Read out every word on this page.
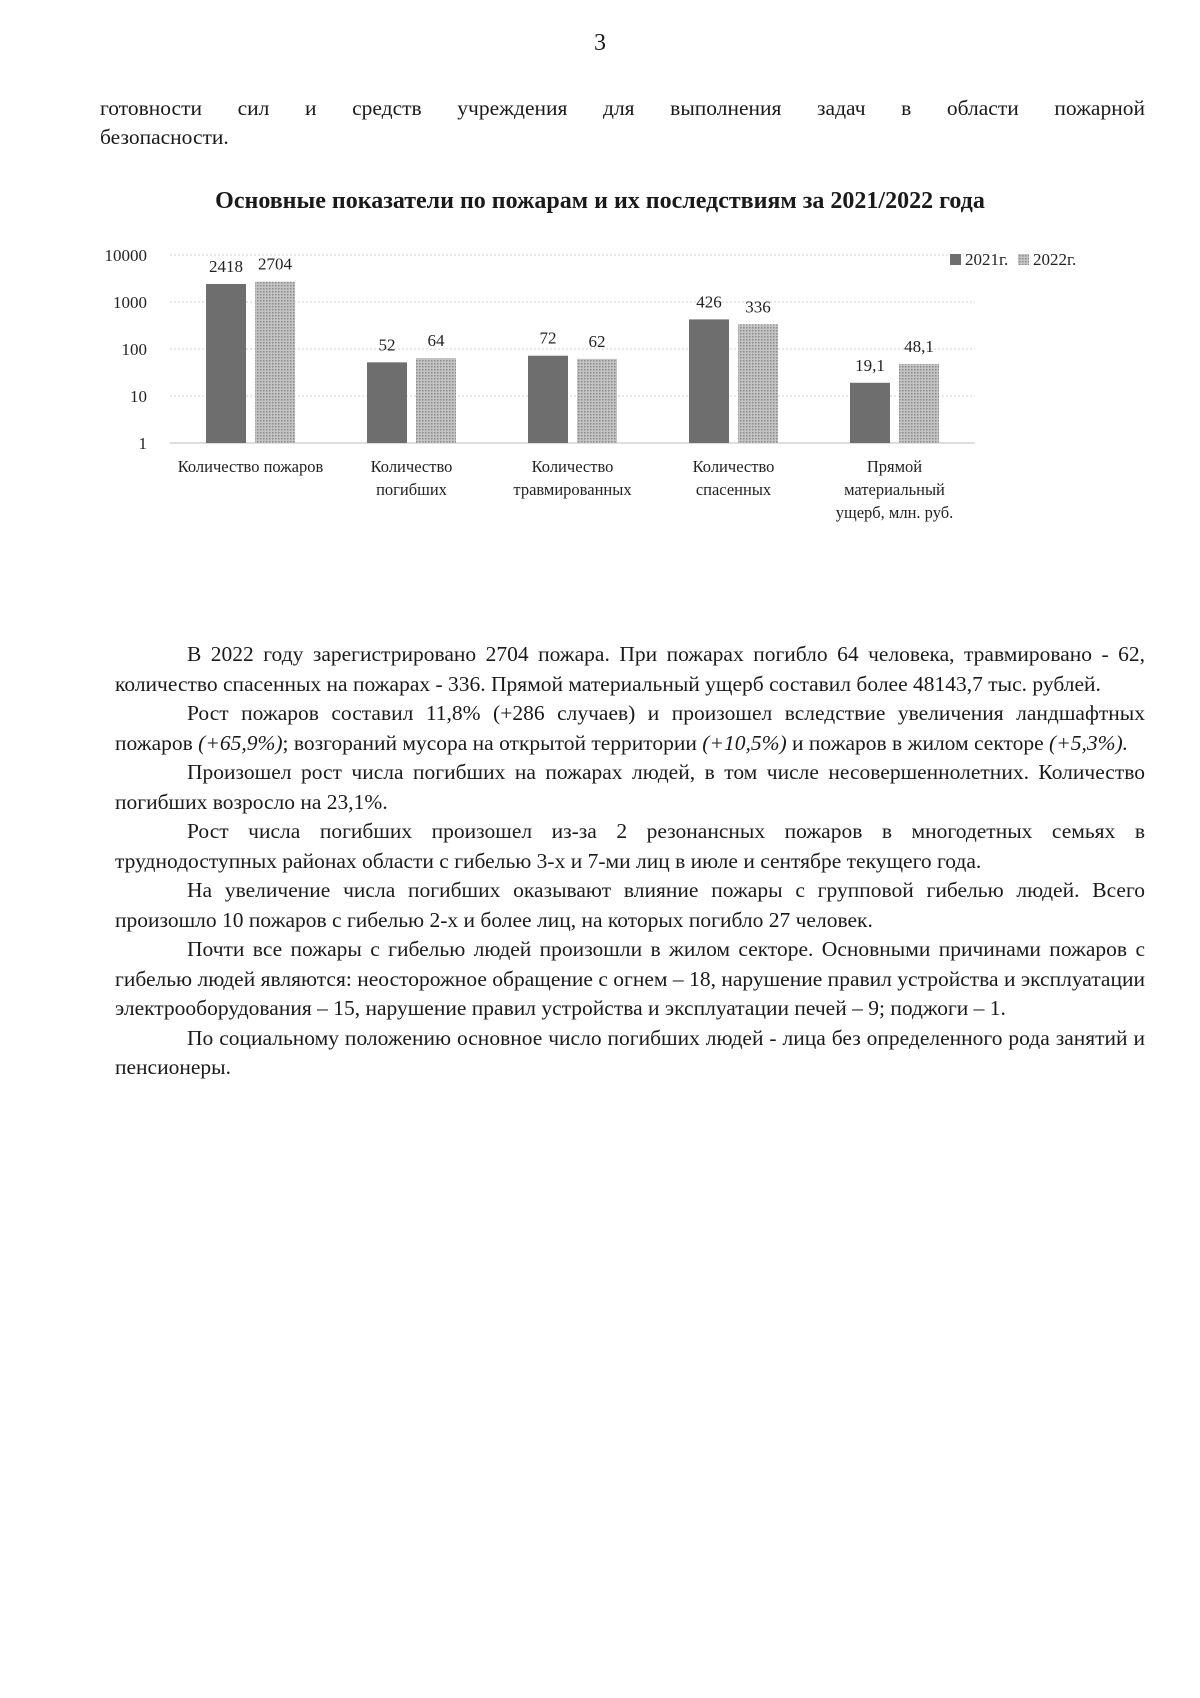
3
готовности сил и средств учреждения для выполнения задач в области пожарной
безопасности.
Основные показатели по пожарам и их последствиям за 2021/2022 года
1
10
100
1000
10000
2418 2704
52 64	72 62
426 336
19,1
48,1
Количество пожаров	Количество
погибших
Количество
травмированных
Количество
спасенных
Прямой
материальный
ущерб, млн. руб.
2021г. 2022г.

В 2022 году зарегистрировано 2704 пожара. При пожарах погибло 64 человека, травмировано - 62, количество спасенных на пожарах - 336. Прямой материальный ущерб составил более 48143,7 тыс. рублей.

Рост пожаров составил 11,8% (+286 случаев) и произошел вследствие увеличения ландшафтных пожаров (+65,9%); возгораний мусора на открытой территории (+10,5%) и пожаров в жилом секторе (+5,3%).

Произошел рост числа погибших на пожарах людей, в том числе несовершеннолетних. Количество погибших возросло на 23,1%.

Рост числа погибших произошел из-за 2 резонансных пожаров в многодетных семьях в труднодоступных районах области с гибелью 3-х и 7-ми лиц в июле и сентябре текущего года.

На увеличение числа погибших оказывают влияние пожары с групповой гибелью людей. Всего произошло 10 пожаров с гибелью 2-х и более лиц, на которых погибло 27 человек.

Почти все пожары с гибелью людей произошли в жилом секторе. Основными причинами пожаров с гибелью людей являются: неосторожное обращение с огнем – 18, нарушение правил устройства и эксплуатации электрооборудования – 15, нарушение правил устройства и эксплуатации печей – 9; поджоги – 1.

По социальному положению основное число погибших людей - лица без определенного рода занятий и пенсионеры.
